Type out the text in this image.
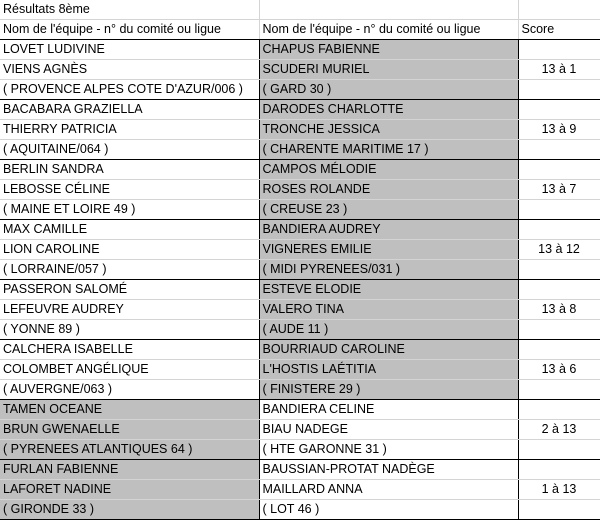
Résultats 8ème		
Nom de l'équipe - n° du comité ou ligue	Nom de l'équipe - n° du comité ou ligue	Score
LOVET LUDIVINE	CHAPUS FABIENNE	
VIENS AGNÈS	SCUDERI MURIEL	13 à 1
( PROVENCE ALPES COTE D'AZUR/006 )	( GARD 30 )	
BACABARA GRAZIELLA	DARODES CHARLOTTE	
THIERRY PATRICIA	TRONCHE JESSICA	13 à 9
( AQUITAINE/064 )	( CHARENTE MARITIME 17 )	
BERLIN SANDRA	CAMPOS MÉLODIE	
LEBOSSE CÉLINE	ROSES ROLANDE	13 à 7
( MAINE ET LOIRE 49 )	( CREUSE 23 )	
MAX CAMILLE	BANDIERA AUDREY	
LION CAROLINE	VIGNERES EMILIE	13 à 12
( LORRAINE/057 )	( MIDI PYRENEES/031 )	
PASSERON SALOMÉ	ESTEVE ELODIE	
LEFEUVRE AUDREY	VALERO TINA	13 à 8
( YONNE 89 )	( AUDE 11 )	
CALCHERA ISABELLE	BOURRIAUD CAROLINE	
COLOMBET ANGÉLIQUE	L'HOSTIS LAÉTITIA	13 à 6
( AUVERGNE/063 )	( FINISTERE 29 )	
TAMEN OCEANE	BANDIERA CELINE	
BRUN GWENAELLE	BIAU NADEGE	2 à 13
( PYRENEES ATLANTIQUES 64 )	( HTE GARONNE 31 )	
FURLAN FABIENNE	BAUSSIAN-PROTAT NADÈGE	
LAFORET NADINE	MAILLARD ANNA	1 à 13
( GIRONDE 33 )	( LOT 46 )	
